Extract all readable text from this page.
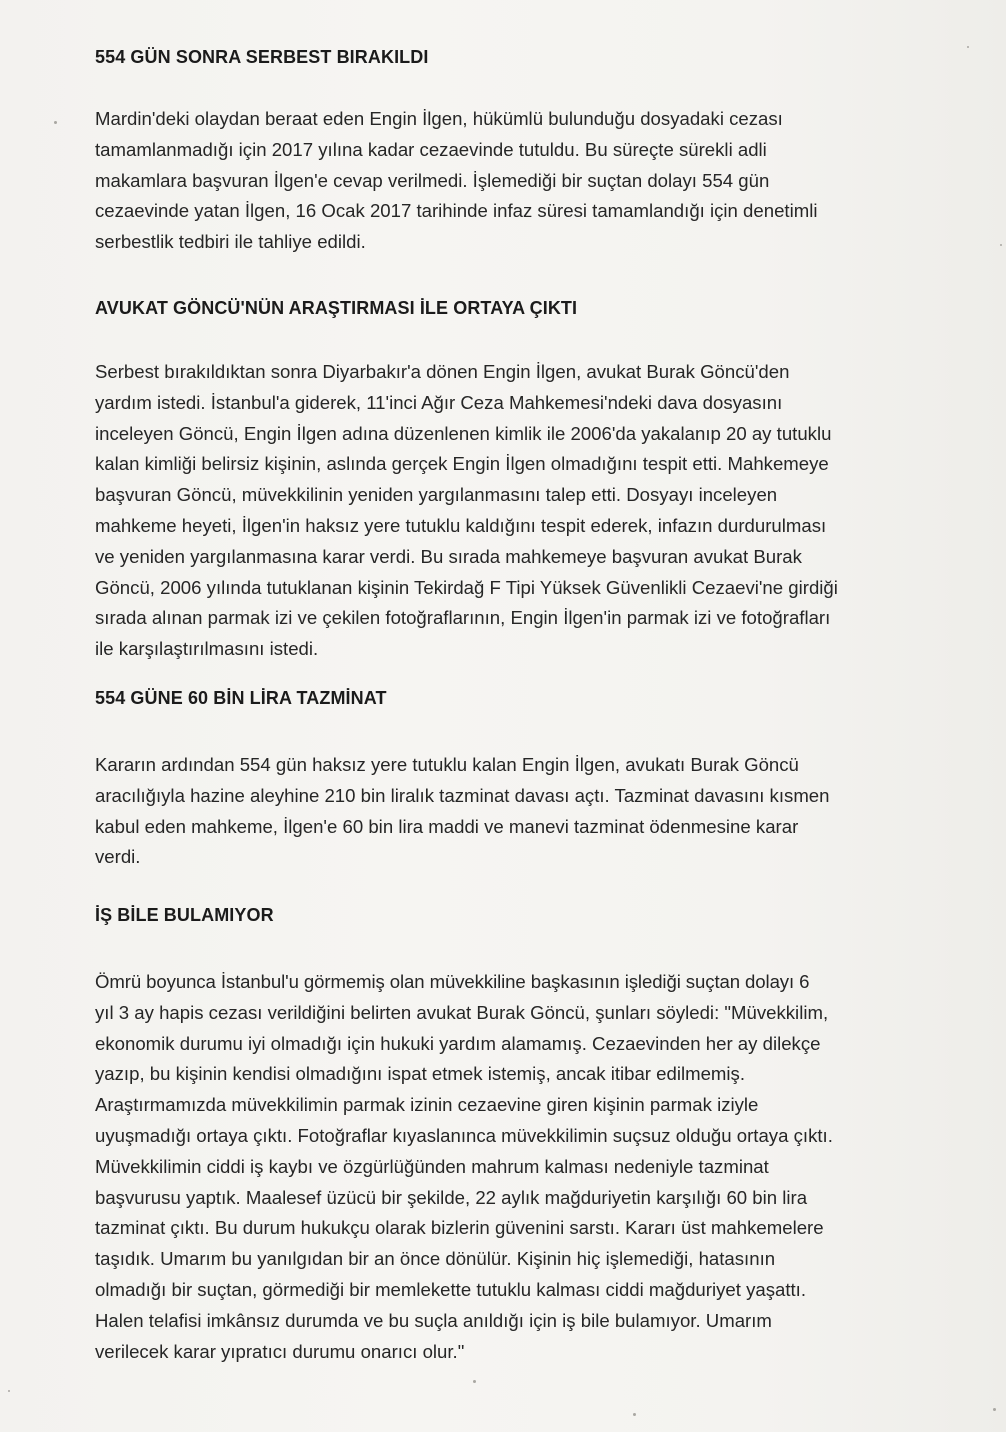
554 GÜN SONRA SERBEST BIRAKILDI

Mardin'deki olaydan beraat eden Engin İlgen, hükümlü bulunduğu dosyadaki cezası
tamamlanmadığı için 2017 yılına kadar cezaevinde tutuldu. Bu süreçte sürekli adli
makamlara başvuran İlgen'e cevap verilmedi. İşlemediği bir suçtan dolayı 554 gün
cezaevinde yatan İlgen, 16 Ocak 2017 tarihinde infaz süresi tamamlandığı için denetimli
serbestlik tedbiri ile tahliye edildi.

AVUKAT GÖNCÜ'NÜN ARAŞTIRMASI İLE ORTAYA ÇIKTI

Serbest bırakıldıktan sonra Diyarbakır'a dönen Engin İlgen, avukat Burak Göncü'den
yardım istedi. İstanbul'a giderek, 11'inci Ağır Ceza Mahkemesi'ndeki dava dosyasını
inceleyen Göncü, Engin İlgen adına düzenlenen kimlik ile 2006'da yakalanıp 20 ay tutuklu
kalan kimliği belirsiz kişinin, aslında gerçek Engin İlgen olmadığını tespit etti. Mahkemeye
başvuran Göncü, müvekkilinin yeniden yargılanmasını talep etti. Dosyayı inceleyen
mahkeme heyeti, İlgen'in haksız yere tutuklu kaldığını tespit ederek, infazın durdurulması
ve yeniden yargılanmasına karar verdi. Bu sırada mahkemeye başvuran avukat Burak
Göncü, 2006 yılında tutuklanan kişinin Tekirdağ F Tipi Yüksek Güvenlikli Cezaevi'ne girdiği
sırada alınan parmak izi ve çekilen fotoğraflarının, Engin İlgen'in parmak izi ve fotoğrafları
ile karşılaştırılmasını istedi.

554 GÜNE 60 BİN LİRA TAZMİNAT

Kararın ardından 554 gün haksız yere tutuklu kalan Engin İlgen, avukatı Burak Göncü
aracılığıyla hazine aleyhine 210 bin liralık tazminat davası açtı. Tazminat davasını kısmen
kabul eden mahkeme, İlgen'e 60 bin lira maddi ve manevi tazminat ödenmesine karar
verdi.

İŞ BİLE BULAMIYOR

Ömrü boyunca İstanbul'u görmemiş olan müvekkiline başkasının işlediği suçtan dolayı 6
yıl 3 ay hapis cezası verildiğini belirten avukat Burak Göncü, şunları söyledi: "Müvekkilim,
ekonomik durumu iyi olmadığı için hukuki yardım alamamış. Cezaevinden her ay dilekçe
yazıp, bu kişinin kendisi olmadığını ispat etmek istemiş, ancak itibar edilmemiş.
Araştırmamızda müvekkilimin parmak izinin cezaevine giren kişinin parmak iziyle
uyuşmadığı ortaya çıktı. Fotoğraflar kıyaslanınca müvekkilimin suçsuz olduğu ortaya çıktı.
Müvekkilimin ciddi iş kaybı ve özgürlüğünden mahrum kalması nedeniyle tazminat
başvurusu yaptık. Maalesef üzücü bir şekilde, 22 aylık mağduriyetin karşılığı 60 bin lira
tazminat çıktı. Bu durum hukukçu olarak bizlerin güvenini sarstı. Kararı üst mahkemelere
taşıdık. Umarım bu yanılgıdan bir an önce dönülür. Kişinin hiç işlemediği, hatasının
olmadığı bir suçtan, görmediği bir memlekette tutuklu kalması ciddi mağduriyet yaşattı.
Halen telafisi imkânsız durumda ve bu suçla anıldığı için iş bile bulamıyor. Umarım
verilecek karar yıpratıcı durumu onarıcı olur."
